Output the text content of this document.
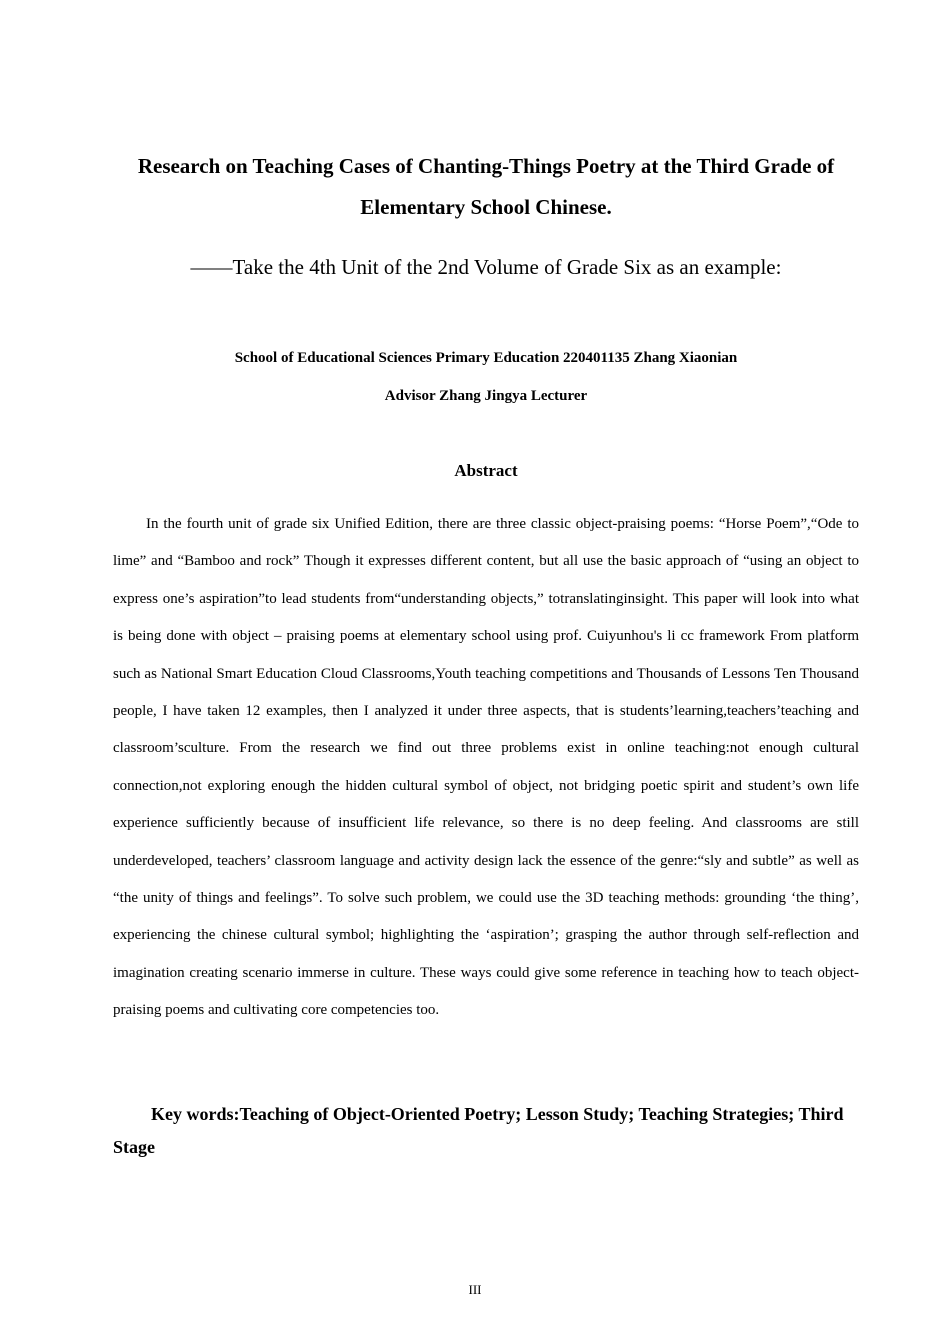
Research on Teaching Cases of Chanting-Things Poetry at the Third Grade of Elementary School Chinese.

——Take the 4th Unit of the 2nd Volume of Grade Six as an example:

School of Educational Sciences Primary Education 220401135 Zhang Xiaonian

Advisor Zhang Jingya Lecturer

Abstract

In the fourth unit of grade six Unified Edition, there are three classic object-praising poems: “Horse Poem”,“Ode to lime” and “Bamboo and rock” Though it expresses different content, but all use the basic approach of “using an object to express one’s aspiration”to lead students from“understanding objects,” totranslatinginsight. This paper will look into what is being done with object – praising poems at elementary school using prof. Cuiyunhou's li cc framework From platform such as National Smart Education Cloud Classrooms,Youth teaching competitions and Thousands of Lessons Ten Thousand people, I have taken 12 examples, then I analyzed it under three aspects, that is students’learning,teachers’teaching and classroom’sculture. From the research we find out three problems exist in online teaching:not enough cultural connection,not exploring enough the hidden cultural symbol of object, not bridging poetic spirit and student’s own life experience sufficiently because of insufficient life relevance, so there is no deep feeling. And classrooms are still underdeveloped, teachers’ classroom language and activity design lack the essence of the genre:“sly and subtle” as well as “the unity of things and feelings”. To solve such problem, we could use the 3D teaching methods: grounding ‘the thing’, experiencing the chinese cultural symbol; highlighting the ‘aspiration’; grasping the author through self-reflection and imagination creating scenario immerse in culture. These ways could give some reference in teaching how to teach object-praising poems and cultivating core competencies too.

Key words:Teaching of Object-Oriented Poetry; Lesson Study; Teaching Strategies; Third Stage

III
